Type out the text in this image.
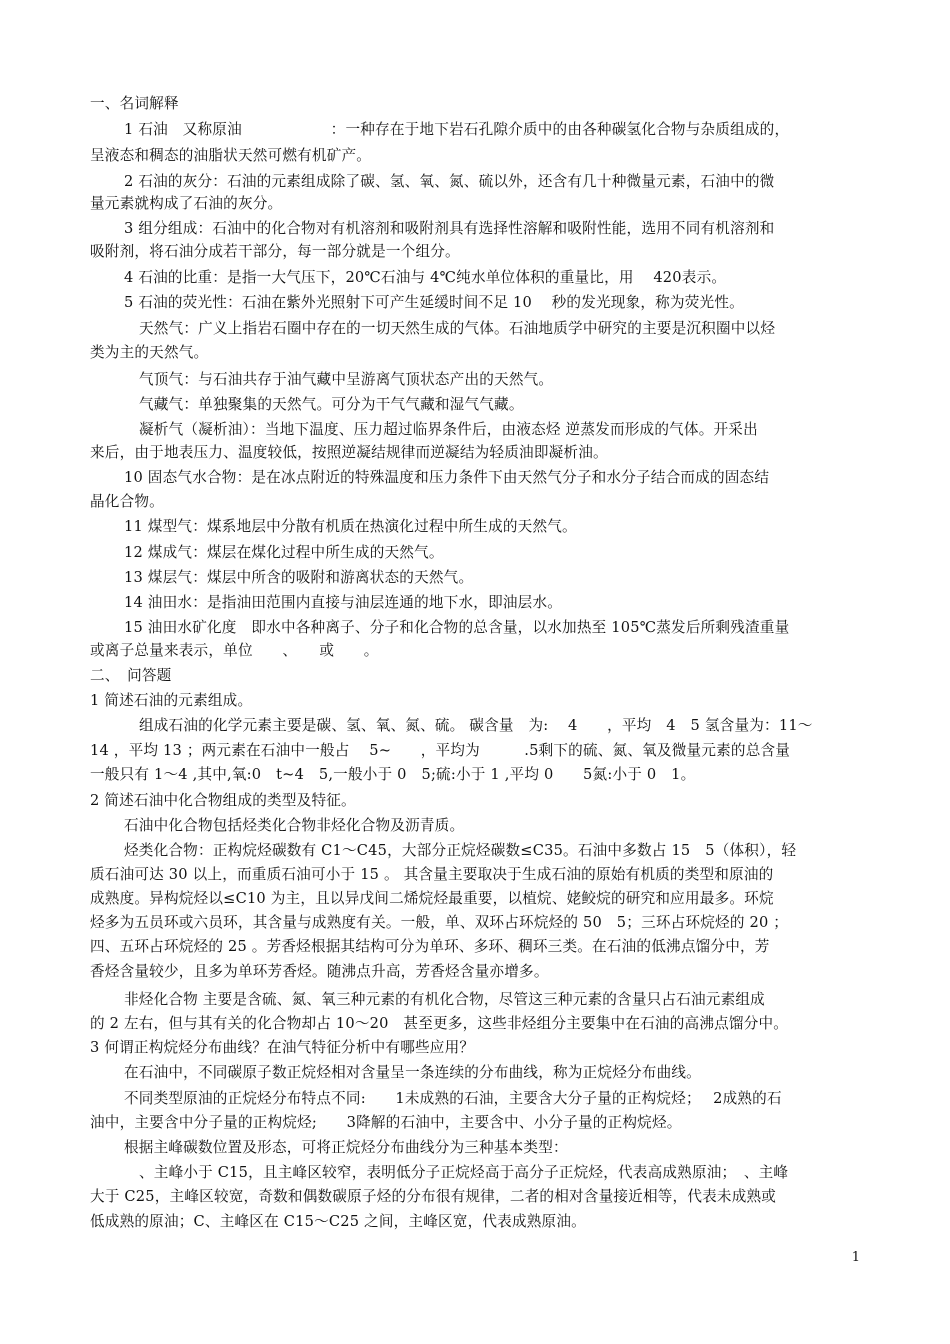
一、名词解释
1 石油　又称原油　　　　　　：一种存在于地下岩石孔隙介质中的由各种碳氢化合物与杂质组成的，
呈液态和稠态的油脂状天然可燃有机矿产。
2 石油的灰分：石油的元素组成除了碳、氢、氧、氮、硫以外，还含有几十种微量元素，石油中的微
量元素就构成了石油的灰分。
3 组分组成：石油中的化合物对有机溶剂和吸附剂具有选择性溶解和吸附性能，选用不同有机溶剂和
吸附剂，将石油分成若干部分，每一部分就是一个组分。
4 石油的比重：是指一大气压下，20℃石油与 4℃纯水单位体积的重量比，用　 420表示。
5 石油的荧光性：石油在紫外光照射下可产生延缓时间不足 10　 秒的发光现象，称为荧光性。
天然气：广义上指岩石圈中存在的一切天然生成的气体。石油地质学中研究的主要是沉积圈中以烃
类为主的天然气。
气顶气：与石油共存于油气藏中呈游离气顶状态产出的天然气。
气藏气：单独聚集的天然气。可分为干气气藏和湿气气藏。
凝析气（凝析油）：当地下温度、压力超过临界条件后，由液态烃 逆蒸发而形成的气体。开采出
来后，由于地表压力、温度较低，按照逆凝结规律而逆凝结为轻质油即凝析油。
10 固态气水合物：是在冰点附近的特殊温度和压力条件下由天然气分子和水分子结合而成的固态结
晶化合物。
11 煤型气：煤系地层中分散有机质在热演化过程中所生成的天然气。
12 煤成气：煤层在煤化过程中所生成的天然气。
13 煤层气：煤层中所含的吸附和游离状态的天然气。
14 油田水：是指油田范围内直接与油层连通的地下水，即油层水。
15 油田水矿化度　即水中各种离子、分子和化合物的总含量，以水加热至 105℃蒸发后所剩残渣重量
或离子总量来表示，单位　　、　　或　　。
二、　问答题
1 简述石油的元素组成。
组成石油的化学元素主要是碳、氢、氧、氮、硫。 碳含量　为:　 4　　，平均　4　5 氢含量为：11～
14 ，平均 13 ；两元素在石油中一般占　 5~　　，平均为　　　.5剩下的硫、氮、氧及微量元素的总含量
一般只有 1～4 ,其中,氧:0　t~4　5,一般小于 0　5;硫:小于 1 ,平均 0　　5氮:小于 0　1。
2 简述石油中化合物组成的类型及特征。
石油中化合物包括烃类化合物非烃化合物及沥青质。
烃类化合物：正构烷烃碳数有 C1～C45，大部分正烷烃碳数≤C35。石油中多数占 15　5（体积），轻
质石油可达 30 以上，而重质石油可小于 15 。 其含量主要取决于生成石油的原始有机质的类型和原油的
成熟度。异构烷烃以≤C10 为主，且以异戊间二烯烷烃最重要，以植烷、姥鲛烷的研究和应用最多。环烷
烃多为五员环或六员环，其含量与成熟度有关。一般，单、双环占环烷烃的 50　5；三环占环烷烃的 20 ；
四、五环占环烷烃的 25 。芳香烃根据其结构可分为单环、多环、稠环三类。在石油的低沸点馏分中，芳
香烃含量较少，且多为单环芳香烃。随沸点升高，芳香烃含量亦增多。
非烃化合物 主要是含硫、氮、氧三种元素的有机化合物，尽管这三种元素的含量只占石油元素组成
的 2 左右，但与其有关的化合物却占 10～20　甚至更多，这些非烃组分主要集中在石油的高沸点馏分中。
3 何谓正构烷烃分布曲线？在油气特征分析中有哪些应用？
在石油中，不同碳原子数正烷烃相对含量呈一条连续的分布曲线，称为正烷烃分布曲线。
不同类型原油的正烷烃分布特点不同:　　1未成熟的石油，主要含大分子量的正构烷烃；　 2成熟的石
油中，主要含中分子量的正构烷烃;　　3降解的石油中，主要含中、小分子量的正构烷烃。
根据主峰碳数位置及形态，可将正烷烃分布曲线分为三种基本类型：
、主峰小于 C15，且主峰区较窄，表明低分子正烷烃高于高分子正烷烃，代表高成熟原油；　、主峰
大于 C25，主峰区较宽，奇数和偶数碳原子烃的分布很有规律，二者的相对含量接近相等，代表未成熟或
低成熟的原油；C、主峰区在 C15～C25 之间，主峰区宽，代表成熟原油。
1
